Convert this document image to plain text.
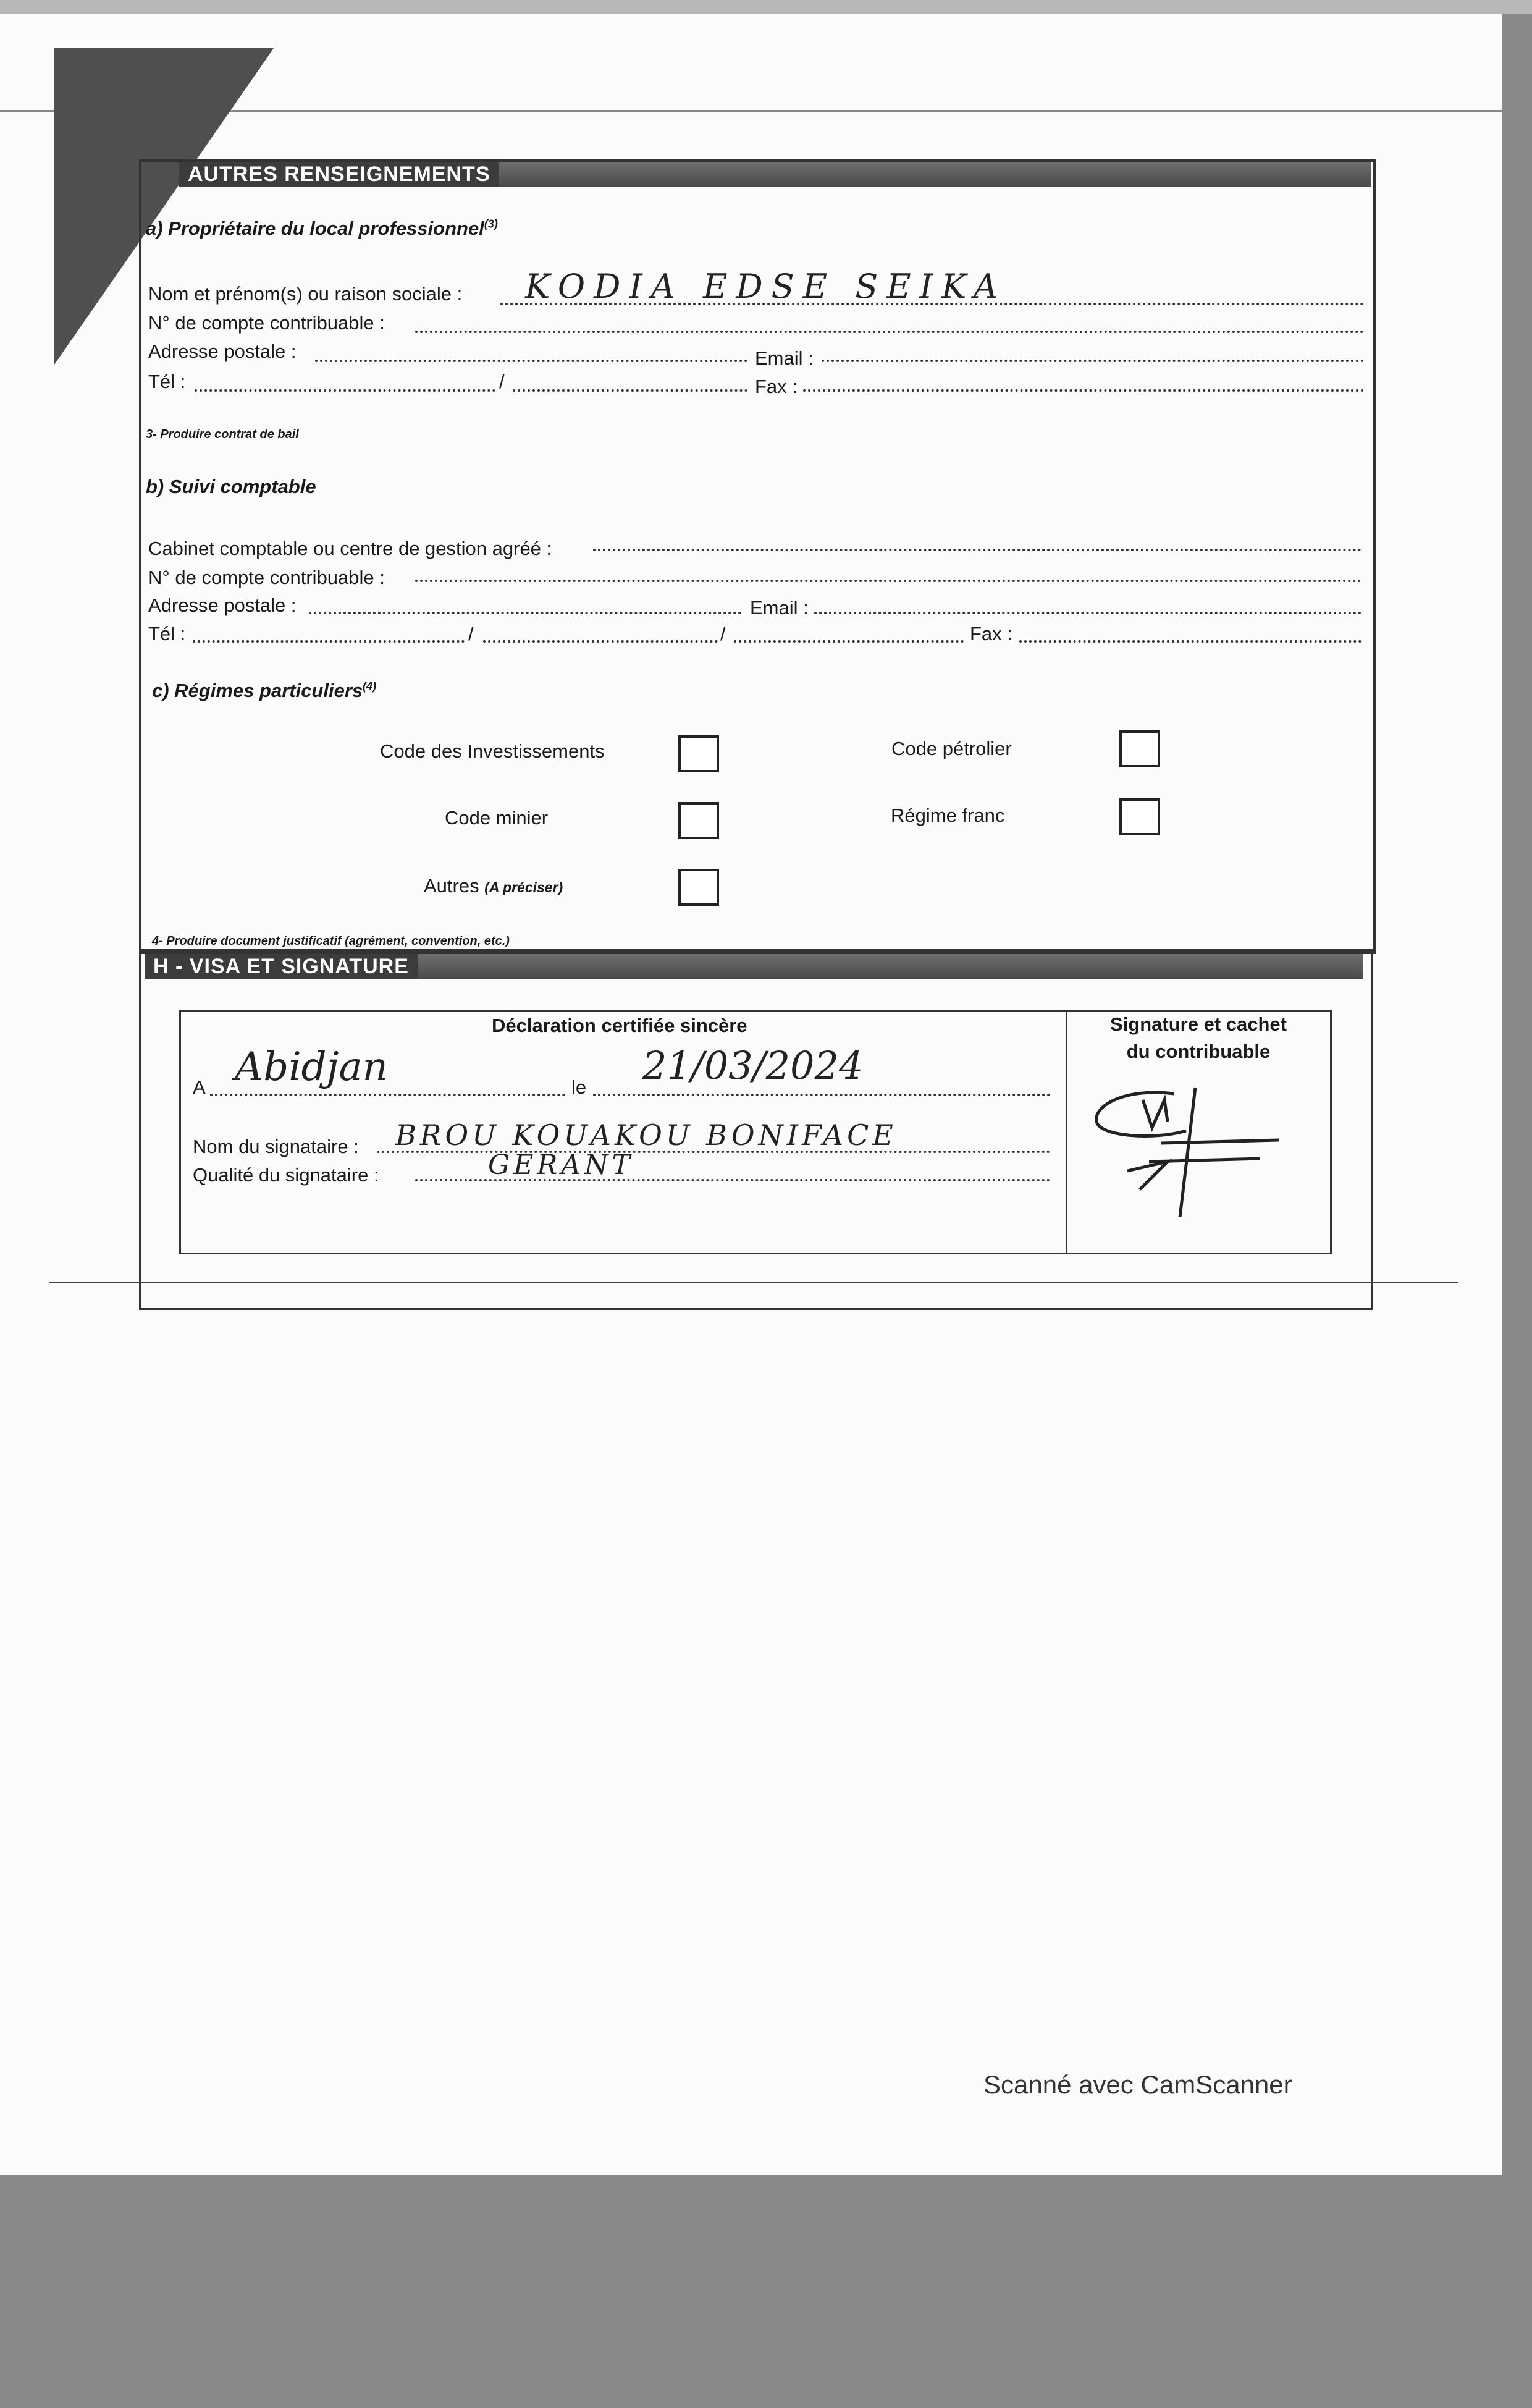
AUTRES RENSEIGNEMENTS
a) Propriétaire du local professionnel$^{(3)}$
Nom et prénom(s) ou raison sociale : KODIA EDSE SEIKA
N° de compte contribuable :
Adresse postale :	Email :
Tél :	/	Fax :
3- Produire contrat de bail
b) Suivi comptable
Cabinet comptable ou centre de gestion agréé :
N° de compte contribuable :
Adresse postale :	Email :
Tél :	/	/	Fax :
c) Régimes particuliers$^{(4)}$
Code des Investissements	Code pétrolier
Code minier	Régime franc
Autres (A préciser)
4- Produire document justificatif (agrément, convention, etc.)
H - VISA ET SIGNATURE
Déclaration certifiée sincère	Signature et cachet
du contribuable
A Abidjan	le 21/03/2024
Nom du signataire : BROU KOUAKOU BONIFACE
Qualité du signataire :	GERANT
Scanné avec CamScanner
